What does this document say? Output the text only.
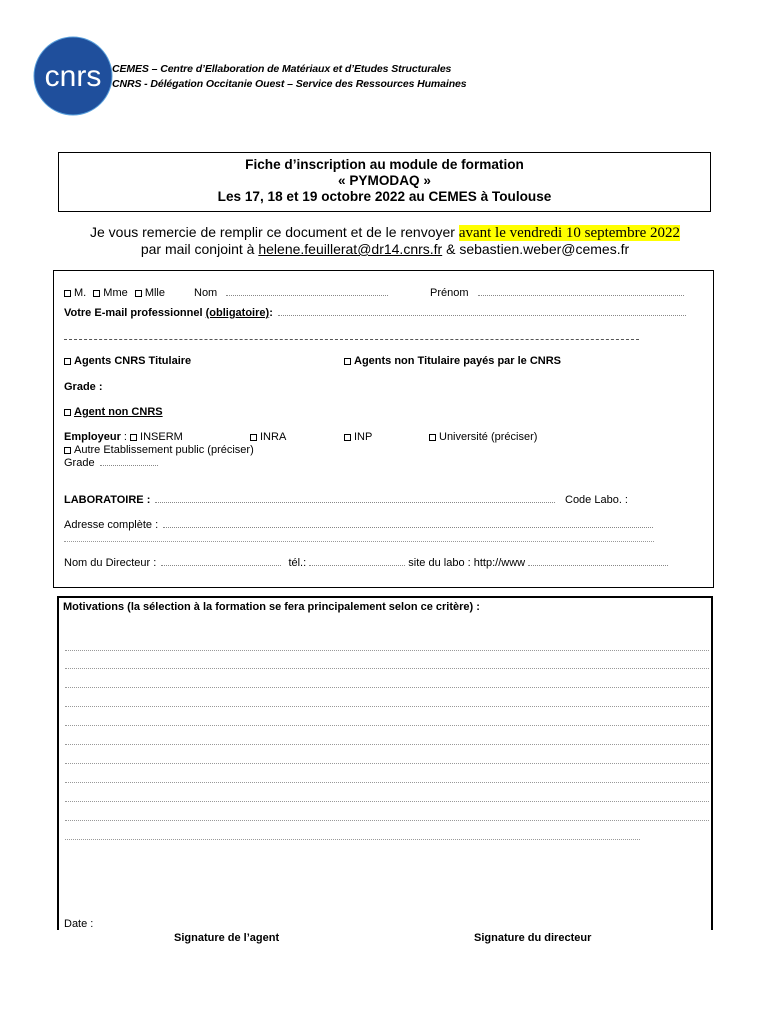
cnrs CEMES – Centre d’Ellaboration de Matériaux et d’Etudes Structurales
CNRS - Délégation Occitanie Ouest – Service des Ressources Humaines
Fiche d’inscription au module de formation
« PYMODAQ »
Les 17, 18 et 19 octobre 2022 au CEMES à Toulouse
Je vous remercie de remplir ce document et de le renvoyer avant le vendredi 10 septembre 2022
par mail conjoint à helene.feuillerat@dr14.cnrs.fr & sebastien.weber@cemes.fr
M. Mme Mlle	Nom	Prénom
Votre E-mail professionnel (obligatoire):
Agents CNRS Titulaire	Agents non Titulaire payés par le CNRS
Grade :
Agent non CNRS
Employeur : INSERM	INRA	INP	Université (préciser)
Autre Etablissement public (préciser)
Grade
LABORATOIRE :	Code Labo. :
Adresse complète :
Nom du Directeur :	tél.:	site du labo : http://www
Motivations (la sélection à la formation se fera principalement selon ce critère) :
Date :
Signature de l’agent	Signature du directeur
